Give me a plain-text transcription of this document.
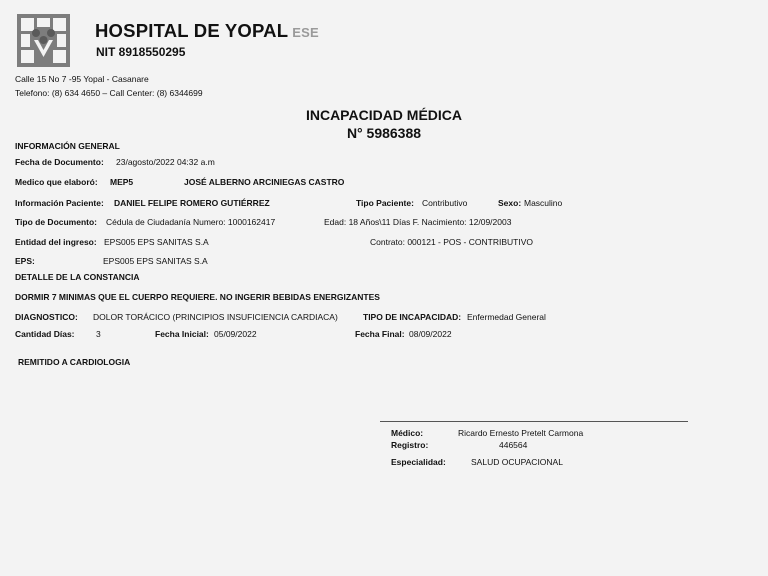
HOSPITAL DE YOPAL ESE
NIT 8918550295
Calle 15 No 7 -95 Yopal - Casanare
Telefono: (8) 634 4650 – Call Center: (8) 6344699
INCAPACIDAD MÉDICA
N° 5986388
INFORMACIÓN GENERAL
Fecha de Documento: 23/agosto/2022 04:32 a.m
Medico que elaboró: MEP5	JOSÉ ALBERNO ARCINIEGAS CASTRO
Información Paciente: DANIEL FELIPE ROMERO GUTIÉRREZ	Tipo Paciente: Contributivo	Sexo: Masculino
Tipo de Documento: Cédula de Ciudadanía Numero: 1000162417	Edad: 18 Años\11 Días F. Nacimiento: 12/09/2003
Entidad del ingreso: EPS005 EPS SANITAS S.A	Contrato: 000121 - POS - CONTRIBUTIVO
EPS:	EPS005 EPS SANITAS S.A
DETALLE DE LA CONSTANCIA
DORMIR 7 MINIMAS QUE EL CUERPO REQUIERE. NO INGERIR BEBIDAS ENERGIZANTES
DIAGNOSTICO: DOLOR TORÁCICO (PRINCIPIOS INSUFICIENCIA CARDIACA)	TIPO DE INCAPACIDAD: Enfermedad General
Cantidad Días:	3	Fecha Inicial: 05/09/2022	Fecha Final: 08/09/2022
REMITIDO A CARDIOLOGIA
Médico:	Ricardo Ernesto Pretelt Carmona
Registro:	446564
Especialidad:	SALUD OCUPACIONAL
